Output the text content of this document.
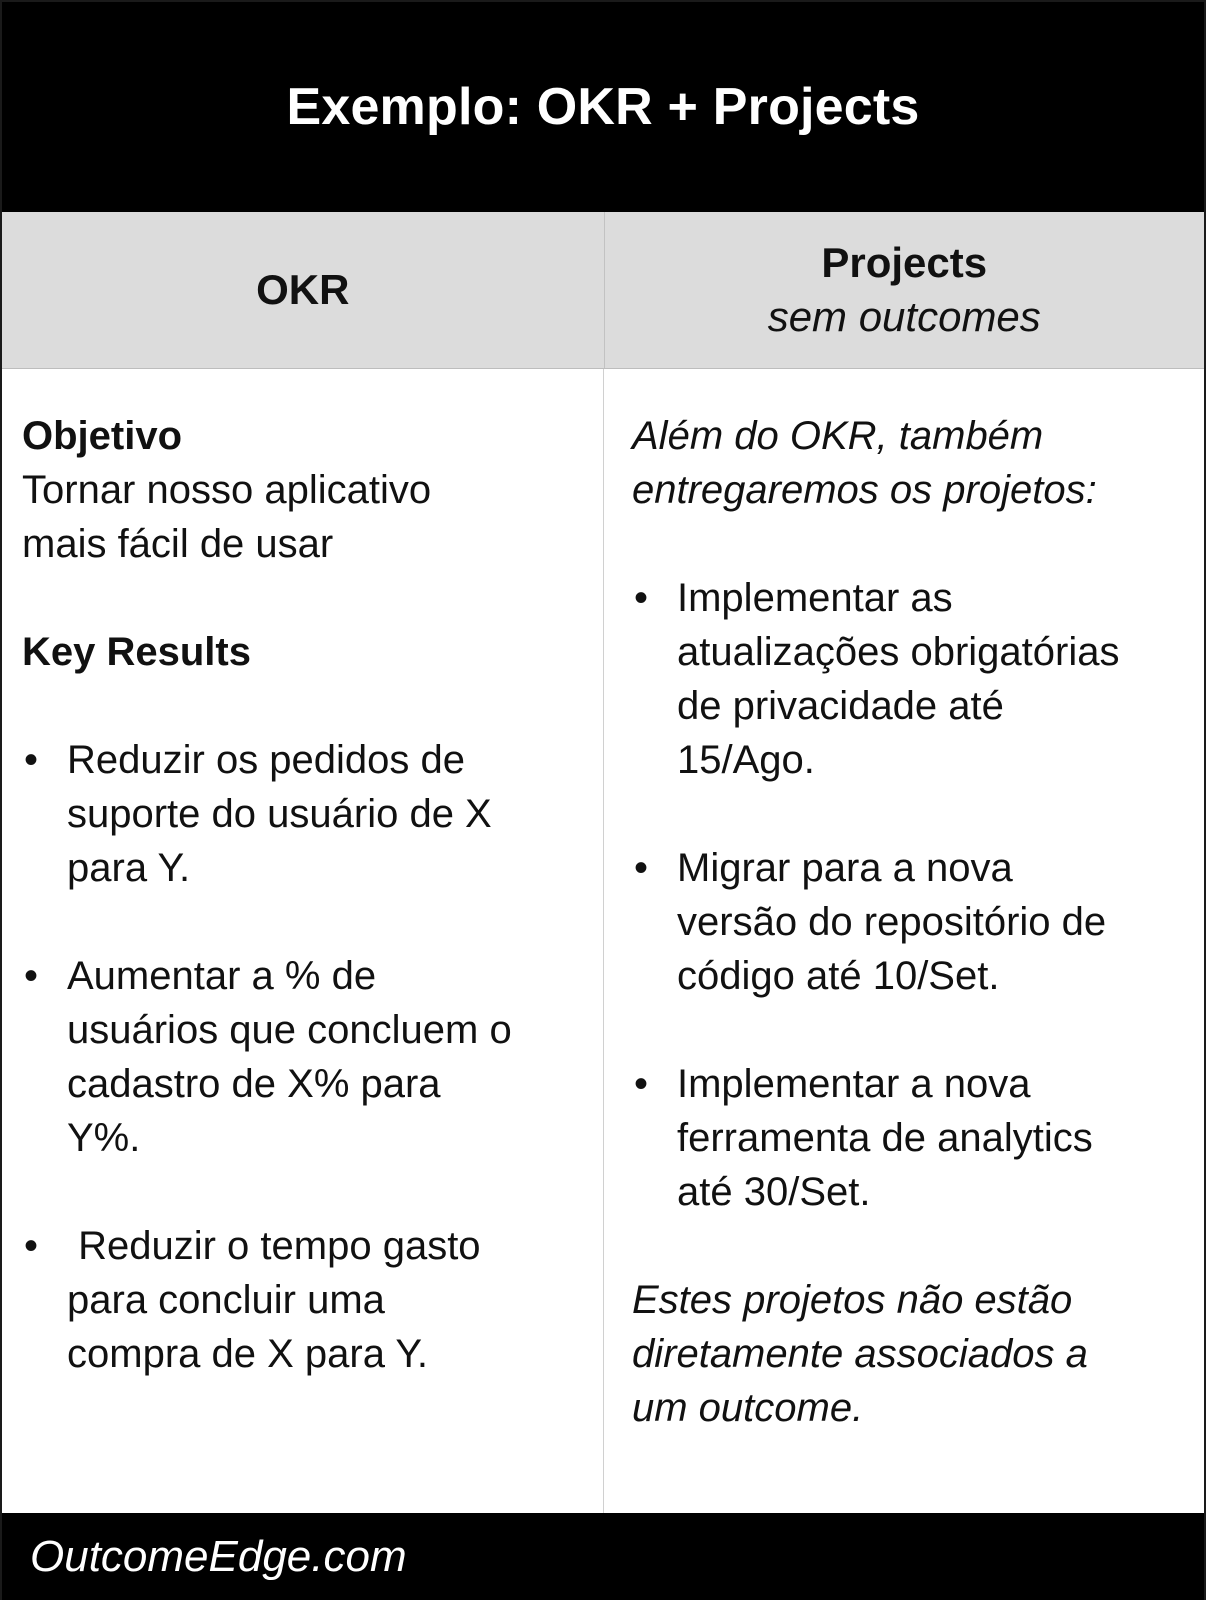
Exemplo: OKR + Projects
OKR
Projects
sem outcomes

Objetivo

Tornar nosso aplicativo

mais fácil de usar

Key Results

• Reduzir os pedidos de

suporte do usuário de X

para Y.

• Aumentar a % de

usuários que concluem o

cadastro de X% para

Y%.

•  Reduzir o tempo gasto

para concluir uma

compra de X para Y.

Além do OKR, também

entregaremos os projetos:

• Implementar as

atualizações obrigatórias

de privacidade até

15/Ago.

• Migrar para a nova

versão do repositório de

código até 10/Set.

• Implementar a nova

ferramenta de analytics

até 30/Set.

Estes projetos não estão

diretamente associados a

um outcome.

OutcomeEdge.com
